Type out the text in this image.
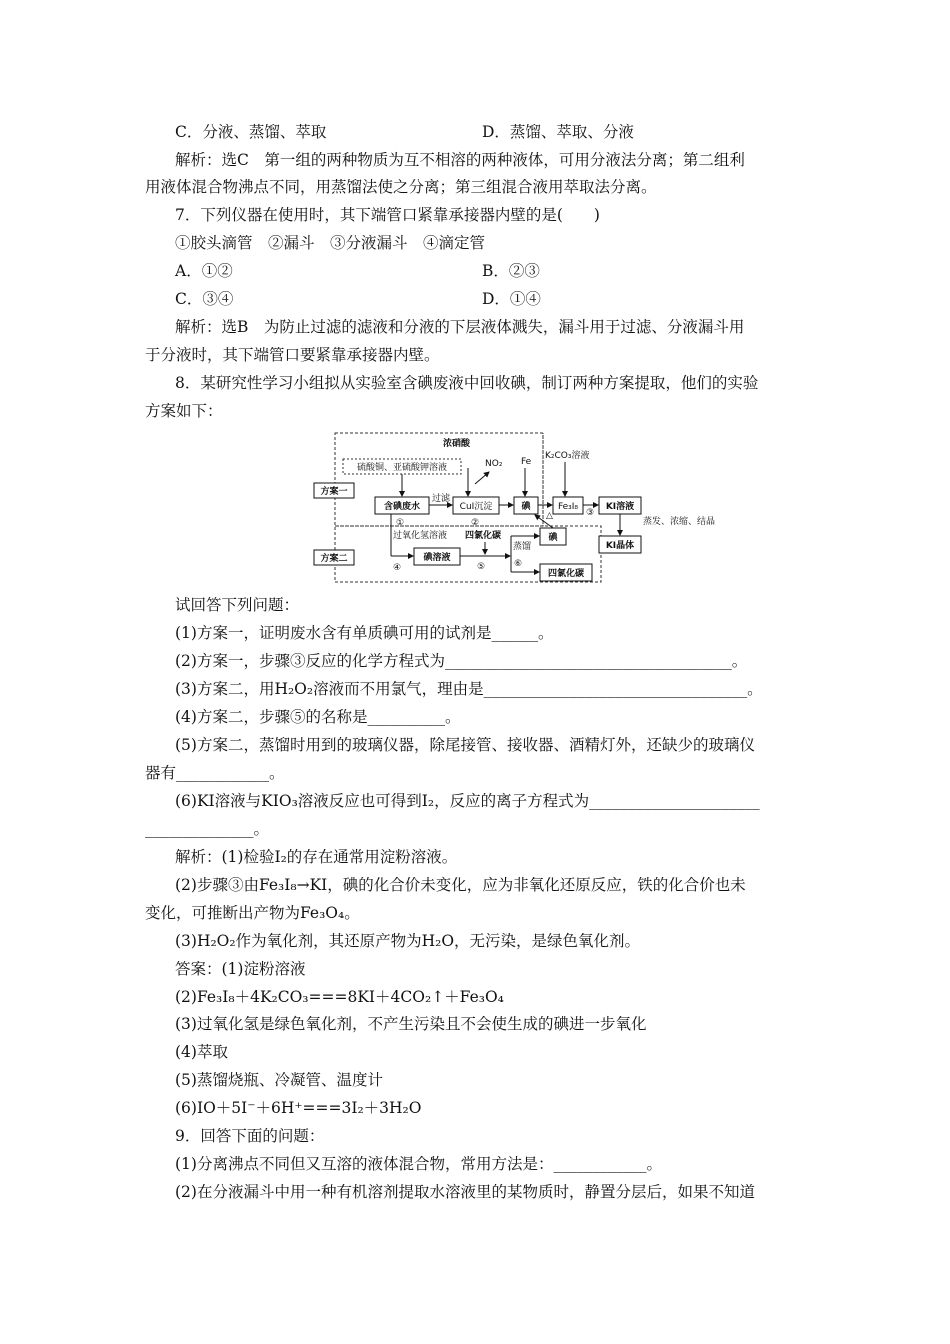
C．分液、蒸馏、萃取	D．蒸馏、萃取、分液
解析：选C　第一组的两种物质为互不相溶的两种液体，可用分液法分离；第二组利
用液体混合物沸点不同，用蒸馏法使之分离；第三组混合液用萃取法分离。
7．下列仪器在使用时，其下端管口紧靠承接器内壁的是(　　)
①胶头滴管　②漏斗　③分液漏斗　④滴定管
A．①②	B．②③
C．③④	D．①④
解析：选B　为防止过滤的滤液和分液的下层液体溅失，漏斗用于过滤、分液漏斗用
于分液时，其下端管口要紧靠承接器内壁。
8．某研究性学习小组拟从实验室含碘废液中回收碘，制订两种方案提取，他们的实验
方案如下：
方案一
方案二
硫酸铜、亚硫酸钾溶液
浓硝酸
NO₂ Fe
K₂CO₃溶液
含碘废水
过滤
CuI沉淀	碘	Fe₃I₈	KI溶液
蒸发、浓缩、结晶
KI晶体
①	②
③
△
过氧化氢溶液
④
碘溶液
四氯化碳
⑤
蒸馏
⑥
碘
四氯化碳
试回答下列问题：
(1)方案一，证明废水含有单质碘可用的试剂是______。
(2)方案一，步骤③反应的化学方程式为_____________________________________。
(3)方案二，用H₂O₂溶液而不用氯气，理由是__________________________________。
(4)方案二，步骤⑤的名称是__________。
(5)方案二，蒸馏时用到的玻璃仪器，除尾接管、接收器、酒精灯外，还缺少的玻璃仪
器有____________。
(6)KI溶液与KIO₃溶液反应也可得到I₂，反应的离子方程式为______________________
______________。
解析：(1)检验I₂的存在通常用淀粉溶液。
(2)步骤③由Fe₃I₈→KI，碘的化合价未变化，应为非氧化还原反应，铁的化合价也未
变化，可推断出产物为Fe₃O₄。
(3)H₂O₂作为氧化剂，其还原产物为H₂O，无污染，是绿色氧化剂。
答案：(1)淀粉溶液
(2)Fe₃I₈＋4K₂CO₃===8KI＋4CO₂↑＋Fe₃O₄
(3)过氧化氢是绿色氧化剂，不产生污染且不会使生成的碘进一步氧化
(4)萃取
(5)蒸馏烧瓶、冷凝管、温度计
(6)IO＋5I⁻＋6H⁺===3I₂＋3H₂O
9．回答下面的问题：
(1)分离沸点不同但又互溶的液体混合物，常用方法是：____________。
(2)在分液漏斗中用一种有机溶剂提取水溶液里的某物质时，静置分层后，如果不知道
